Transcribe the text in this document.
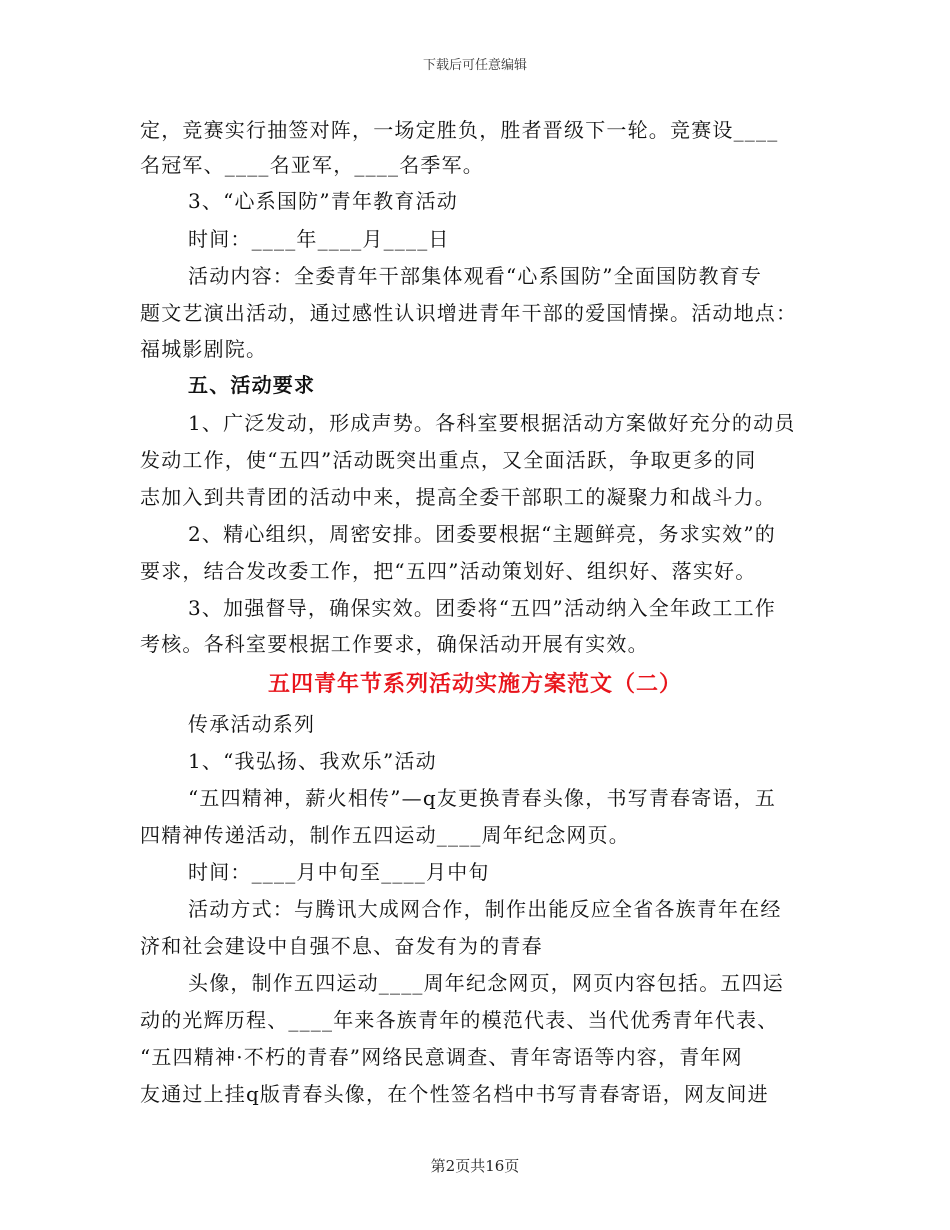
下载后可任意编辑
定，竞赛实行抽签对阵，一场定胜负，胜者晋级下一轮。竞赛设____
名冠军、____名亚军，____名季军。
3、“心系国防”青年教育活动
时间：____年____月____日
活动内容：全委青年干部集体观看“心系国防”全面国防教育专
题文艺演出活动，通过感性认识增进青年干部的爱国情操。活动地点：
福城影剧院。
五、活动要求
1、广泛发动，形成声势。各科室要根据活动方案做好充分的动员
发动工作，使“五四”活动既突出重点，又全面活跃，争取更多的同
志加入到共青团的活动中来，提高全委干部职工的凝聚力和战斗力。
2、精心组织，周密安排。团委要根据“主题鲜亮，务求实效”的
要求，结合发改委工作，把“五四”活动策划好、组织好、落实好。
3、加强督导，确保实效。团委将“五四”活动纳入全年政工工作
考核。各科室要根据工作要求，确保活动开展有实效。
五四青年节系列活动实施方案范文（二）
传承活动系列
1、“我弘扬、我欢乐”活动
“五四精神，薪火相传”—q友更换青春头像，书写青春寄语，五
四精神传递活动，制作五四运动____周年纪念网页。
时间：____月中旬至____月中旬
活动方式：与腾讯大成网合作，制作出能反应全省各族青年在经
济和社会建设中自强不息、奋发有为的青春
头像，制作五四运动____周年纪念网页，网页内容包括。五四运
动的光辉历程、____年来各族青年的模范代表、当代优秀青年代表、
“五四精神·不朽的青春”网络民意调查、青年寄语等内容，青年网
友通过上挂q版青春头像，在个性签名档中书写青春寄语，网友间进
第2页共16页
